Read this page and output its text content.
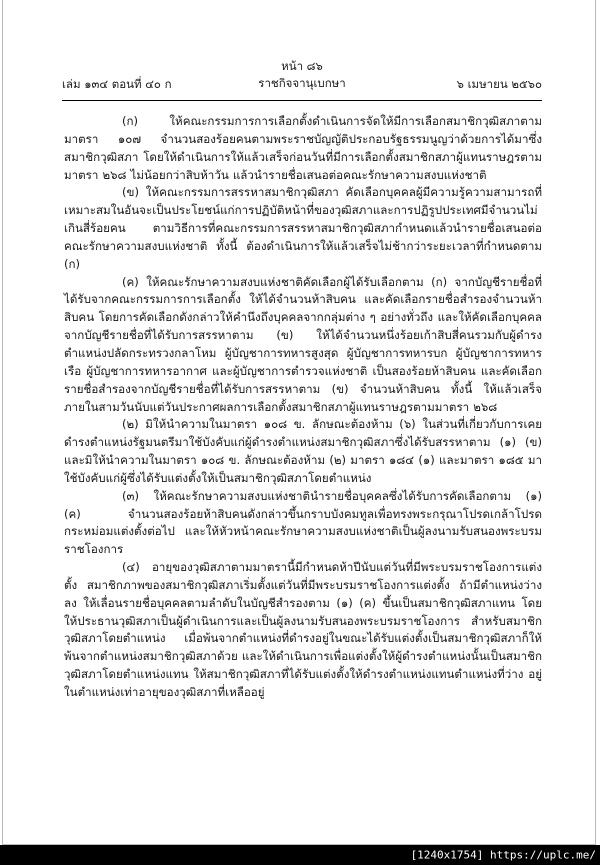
หน้า ๘๖
ราชกิจจานุเบกษา
เล่ม ๑๓๔ ตอนที่ ๔๐ ก	๖ เมษายน ๒๕๖๐

(ก) ให้คณะกรรมการการเลือกตั้งดำเนินการจัดให้มีการเลือกสมาชิกวุฒิสภาตามมาตรา ๑๐๗ จำนวนสองร้อยคนตามพระราชบัญญัติประกอบรัฐธรรมนูญว่าด้วยการได้มาซึ่งสมาชิกวุฒิสภา โดยให้ดำเนินการให้แล้วเสร็จก่อนวันที่มีการเลือกตั้งสมาชิกสภาผู้แทนราษฎรตามมาตรา ๒๖๘ ไม่น้อยกว่าสิบห้าวัน แล้วนำรายชื่อเสนอต่อคณะรักษาความสงบแห่งชาติ

(ข) ให้คณะกรรมการสรรหาสมาชิกวุฒิสภา คัดเลือกบุคคลผู้มีความรู้ความสามารถที่เหมาะสมในอันจะเป็นประโยชน์แก่การปฏิบัติหน้าที่ของวุฒิสภาและการปฏิรูปประเทศมีจำนวนไม่เกินสี่ร้อยคน ตามวิธีการที่คณะกรรมการสรรหาสมาชิกวุฒิสภากำหนดแล้วนำรายชื่อเสนอต่อคณะรักษาความสงบแห่งชาติ ทั้งนี้ ต้องดำเนินการให้แล้วเสร็จไม่ช้ากว่าระยะเวลาที่กำหนดตาม (ก)

(ค) ให้คณะรักษาความสงบแห่งชาติคัดเลือกผู้ได้รับเลือกตาม (ก) จากบัญชีรายชื่อที่ได้รับจากคณะกรรมการการเลือกตั้ง ให้ได้จำนวนห้าสิบคน และคัดเลือกรายชื่อสำรองจำนวนห้าสิบคน โดยการคัดเลือกดังกล่าวให้คำนึงถึงบุคคลจากกลุ่มต่าง ๆ อย่างทั่วถึง และให้คัดเลือกบุคคลจากบัญชีรายชื่อที่ได้รับการสรรหาตาม (ข) ให้ได้จำนวนหนึ่งร้อยเก้าสิบสี่คนรวมกับผู้ดำรงตำแหน่งปลัดกระทรวงกลาโหม ผู้บัญชาการทหารสูงสุด ผู้บัญชาการทหารบก ผู้บัญชาการทหารเรือ ผู้บัญชาการทหารอากาศ และผู้บัญชาการตำรวจแห่งชาติ เป็นสองร้อยห้าสิบคน และคัดเลือกรายชื่อสำรองจากบัญชีรายชื่อที่ได้รับการสรรหาตาม (ข) จำนวนห้าสิบคน ทั้งนี้ ให้แล้วเสร็จภายในสามวันนับแต่วันประกาศผลการเลือกตั้งสมาชิกสภาผู้แทนราษฎรตามมาตรา ๒๖๘

(๒) มิให้นำความในมาตรา ๑๐๘ ข. ลักษณะต้องห้าม (๖) ในส่วนที่เกี่ยวกับการเคยดำรงตำแหน่งรัฐมนตรีมาใช้บังคับแก่ผู้ดำรงตำแหน่งสมาชิกวุฒิสภาซึ่งได้รับสรรหาตาม (๑) (ข) และมิให้นำความในมาตรา ๑๐๘ ข. ลักษณะต้องห้าม (๒) มาตรา ๑๘๔ (๑) และมาตรา ๑๘๕ มาใช้บังคับแก่ผู้ซึ่งได้รับแต่งตั้งให้เป็นสมาชิกวุฒิสภาโดยตำแหน่ง

(๓) ให้คณะรักษาความสงบแห่งชาตินำรายชื่อบุคคลซึ่งได้รับการคัดเลือกตาม (๑) (ค) จำนวนสองร้อยห้าสิบคนดังกล่าวขึ้นกราบบังคมทูลเพื่อทรงพระกรุณาโปรดเกล้าโปรดกระหม่อมแต่งตั้งต่อไป และให้หัวหน้าคณะรักษาความสงบแห่งชาติเป็นผู้ลงนามรับสนองพระบรมราชโองการ

(๔) อายุของวุฒิสภาตามมาตรานี้มีกำหนดห้าปีนับแต่วันที่มีพระบรมราชโองการแต่งตั้ง สมาชิกภาพของสมาชิกวุฒิสภาเริ่มตั้งแต่วันที่มีพระบรมราชโองการแต่งตั้ง ถ้ามีตำแหน่งว่างลง ให้เลื่อนรายชื่อบุคคลตามลำดับในบัญชีสำรองตาม (๑) (ค) ขึ้นเป็นสมาชิกวุฒิสภาแทน โดยให้ประธานวุฒิสภาเป็นผู้ดำเนินการและเป็นผู้ลงนามรับสนองพระบรมราชโองการ สำหรับสมาชิกวุฒิสภาโดยตำแหน่ง เมื่อพ้นจากตำแหน่งที่ดำรงอยู่ในขณะได้รับแต่งตั้งเป็นสมาชิกวุฒิสภาก็ให้พ้นจากตำแหน่งสมาชิกวุฒิสภาด้วย และให้ดำเนินการเพื่อแต่งตั้งให้ผู้ดำรงตำแหน่งนั้นเป็นสมาชิกวุฒิสภาโดยตำแหน่งแทน ให้สมาชิกวุฒิสภาที่ได้รับแต่งตั้งให้ดำรงตำแหน่งแทนตำแหน่งที่ว่าง อยู่ในตำแหน่งเท่าอายุของวุฒิสภาที่เหลืออยู่

[1240x1754] https://uplc.me/
